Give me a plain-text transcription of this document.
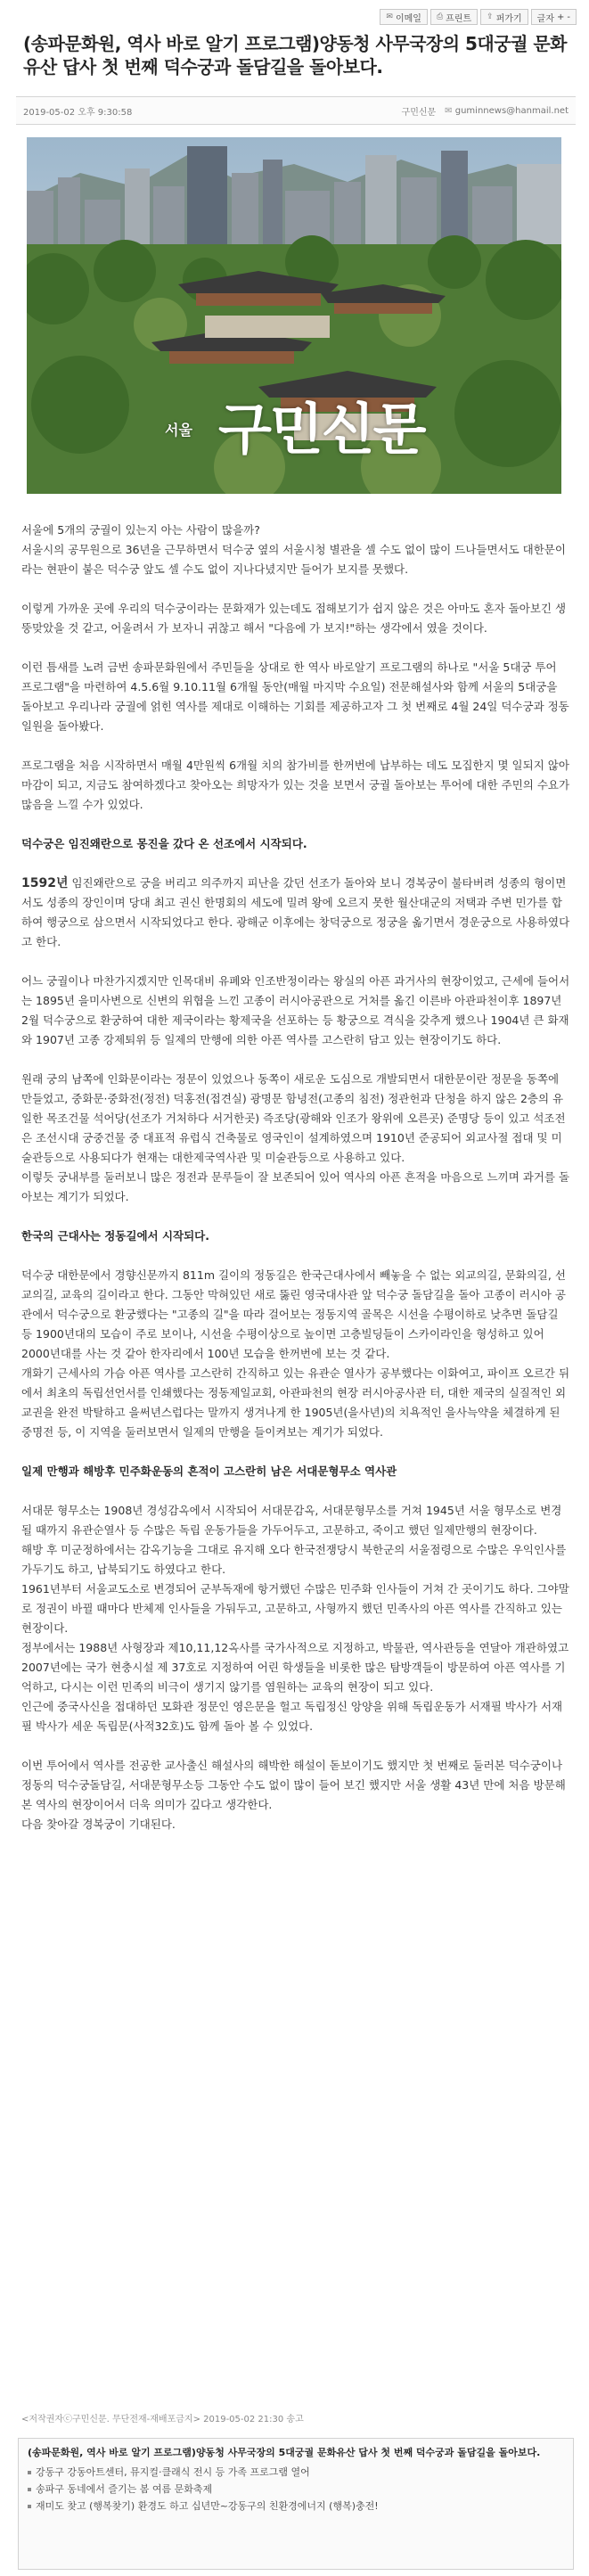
✉ 이메일 ⎙ 프린트 ⇪ 퍼가기 글자 + -
(송파문화원, 역사 바로 알기 프로그램)양동청 사무국장의 5대궁궐 문화유산 답사 첫 번째 덕수궁과 돌담길을 돌아보다.
2019-05-02 오후 9:30:58	구민신문 ✉ guminnews@hanmail.net
서울 구민신문

서울에 5개의 궁궐이 있는지 아는 사람이 많을까?
서울시의 공무원으로 36년을 근무하면서 덕수궁 옆의 서울시청 별관을 셀 수도 없이 많이 드나들면서도 대한문이라는 현판이 붙은 덕수궁 앞도 셀 수도 없이 지나다녔지만 들어가 보지를 못했다.

이렇게 가까운 곳에 우리의 덕수궁이라는 문화재가 있는데도 접해보기가 쉽지 않은 것은 아마도 혼자 돌아보긴 생뚱맞았을 것 같고, 어울려서 가 보자니 귀찮고 해서 "다음에 가 보지!"하는 생각에서 였을 것이다.

이런 틈새를 노려 금번 송파문화원에서 주민들을 상대로 한 역사 바로알기 프로그램의 하나로 "서울 5대궁 투어 프로그램"을 마련하여 4.5.6월 9.10.11월 6개월 동안(매월 마지막 수요일) 전문해설사와 함께 서울의 5대궁을 돌아보고 우리나라 궁궐에 얽힌 역사를 제대로 이해하는 기회를 제공하고자 그 첫 번째로 4월 24일 덕수궁과 정동일원을 돌아봤다.

프로그램을 처음 시작하면서 매월 4만원씩 6개월 치의 참가비를 한꺼번에 납부하는 데도 모집한지 몇 일되지 않아 마감이 되고, 지금도 참여하겠다고 찾아오는 희망자가 있는 것을 보면서 궁궐 돌아보는 투어에 대한 주민의 수요가 많음을 느낄 수가 있었다.

덕수궁은 임진왜란으로 몽진을 갔다 온 선조에서 시작되다.

1592년 임진왜란으로 궁을 버리고 의주까지 피난을 갔던 선조가 돌아와 보니 경복궁이 불타버려 성종의 형이면서도 성종의 장인이며 당대 최고 권신 한명회의 세도에 밀려 왕에 오르지 못한 월산대군의 저택과 주변 민가를 합하여 행궁으로 삼으면서 시작되었다고 한다. 광해군 이후에는 창덕궁으로 정궁을 옮기면서 경운궁으로 사용하였다고 한다.

어느 궁궐이나 마찬가지겠지만 인목대비 유폐와 인조반정이라는 왕실의 아픈 과거사의 현장이었고, 근세에 들어서는 1895년 을미사변으로 신변의 위협을 느낀 고종이 러시아공관으로 거처를 옮긴 이른바 아관파천이후 1897년 2월 덕수궁으로 환궁하여 대한 제국이라는 황제국을 선포하는 등 황궁으로 격식을 갖추게 했으나 1904년 큰 화재와 1907년 고종 강제퇴위 등 일제의 만행에 의한 아픈 역사를 고스란히 담고 있는 현장이기도 하다.

원래 궁의 남쪽에 인화문이라는 정문이 있었으나 동쪽이 새로운 도심으로 개발되면서 대한문이란 정문을 동쪽에 만들었고, 중화문·중화전(정전) 덕홍전(접견실) 광명문 함녕전(고종의 침전) 정관헌과 단청을 하지 않은 2층의 유일한 목조건물 석어당(선조가 거처하다 서거한곳) 즉조당(광해와 인조가 왕위에 오른곳) 준명당 등이 있고 석조전은 조선시대 궁중건물 중 대표적 유럽식 건축물로 영국인이 설계하였으며 1910년 준공되어 외교사절 접대 및 미술관등으로 사용되다가 현재는 대한제국역사관 및 미술관등으로 사용하고 있다.
이렇듯 궁내부를 둘러보니 많은 정전과 문루들이 잘 보존되어 있어 역사의 아픈 흔적을 마음으로 느끼며 과거를 돌아보는 계기가 되었다.

한국의 근대사는 정동길에서 시작되다.

덕수궁 대한문에서 경향신문까지 811m 길이의 정동길은 한국근대사에서 빼놓을 수 없는 외교의길, 문화의길, 선교의길, 교육의 길이라고 한다. 그동안 막혀있던 새로 뚫린 영국대사관 앞 덕수궁 돌담길을 돌아 고종이 러시아 공관에서 덕수궁으로 환궁했다는 "고종의 길"을 따라 걸어보는 정동지역 골목은 시선을 수평이하로 낮추면 돌담길 등 1900년대의 모습이 주로 보이나, 시선을 수평이상으로 높이면 고층빌딩들이 스카이라인을 형성하고 있어 2000년대를 사는 것 같아 한자리에서 100년 모습을 한꺼번에 보는 것 같다.
개화기 근세사의 가슴 아픈 역사를 고스란히 간직하고 있는 유관순 열사가 공부했다는 이화여고, 파이프 오르간 뒤에서 최초의 독립선언서를 인쇄했다는 정동제일교회, 아관파천의 현장 러시아공사관 터, 대한 제국의 실질적인 외교권을 완전 박탈하고 을써년스럽다는 말까지 생겨나게 한 1905년(을사년)의 치욕적인 을사늑약을 체결하게 된 중명전 등, 이 지역을 둘러보면서 일제의 만행을 들이켜보는 계기가 되었다.

일제 만행과 해방후 민주화운동의 흔적이 고스란히 남은 서대문형무소 역사관

서대문 형무소는 1908년 경성감옥에서 시작되어 서대문감옥, 서대문형무소를 거쳐 1945년 서울 형무소로 변경될 때까지 유관순열사 등 수많은 독립 운동가들을 가두어두고, 고문하고, 죽이고 했던 일제만행의 현장이다.
해방 후 미군정하에서는 감옥기능을 그대로 유지해 오다 한국전쟁당시 북한군의 서울점령으로 수많은 우익인사를 가두기도 하고, 납북되기도 하였다고 한다.
1961년부터 서울교도소로 변경되어 군부독재에 항거했던 수많은 민주화 인사들이 거쳐 간 곳이기도 하다. 그야말로 정권이 바뀔 때마다 반체제 인사들을 가둬두고, 고문하고, 사형까지 했던 민족사의 아픈 역사를 간직하고 있는 현장이다.
정부에서는 1988년 사형장과 제10,11,12옥사를 국가사적으로 지정하고, 박물관, 역사관등을 연달아 개관하였고 2007년에는 국가 현충시설 제 37호로 지정하여 어린 학생들을 비롯한 많은 탐방객들이 방문하여 아픈 역사를 기억하고, 다시는 이런 민족의 비극이 생기지 않기를 염원하는 교육의 현장이 되고 있다.
인근에 중국사신을 접대하던 모화관 정문인 영은문을 헐고 독립정신 앙양을 위해 독립운동가 서재필 박사가 서재필 박사가 세운 독립문(사적32호)도 함께 돌아 볼 수 있었다.

이번 투어에서 역사를 전공한 교사출신 해설사의 해박한 해설이 돋보이기도 했지만 첫 번째로 둘러본 덕수궁이나 정동의 덕수궁돌담길, 서대문형무소등 그동안 수도 없이 많이 들어 보긴 했지만 서울 생활 43년 만에 처음 방문해 본 역사의 현장이어서 더욱 의미가 깊다고 생각한다.
다음 찾아갈 경복궁이 기대된다.

<저작권자ⓒ구민신문. 무단전재-재배포금지> 2019-05-02 21:30 송고
(송파문화원, 역사 바로 알기 프로그램)양동청 사무국장의 5대궁궐 문화유산 답사 첫 번째 덕수궁과 돌담길을 돌아보다.
강동구 강동아트센터, 뮤지컬·클래식 전시 등 가족 프로그램 열어
송파구 동네에서 즐기는 봄 여름 문화축제
재미도 찾고 (행복찾기) 환경도 하고 십년만~강동구의 친환경에너지 (행복)충전!
